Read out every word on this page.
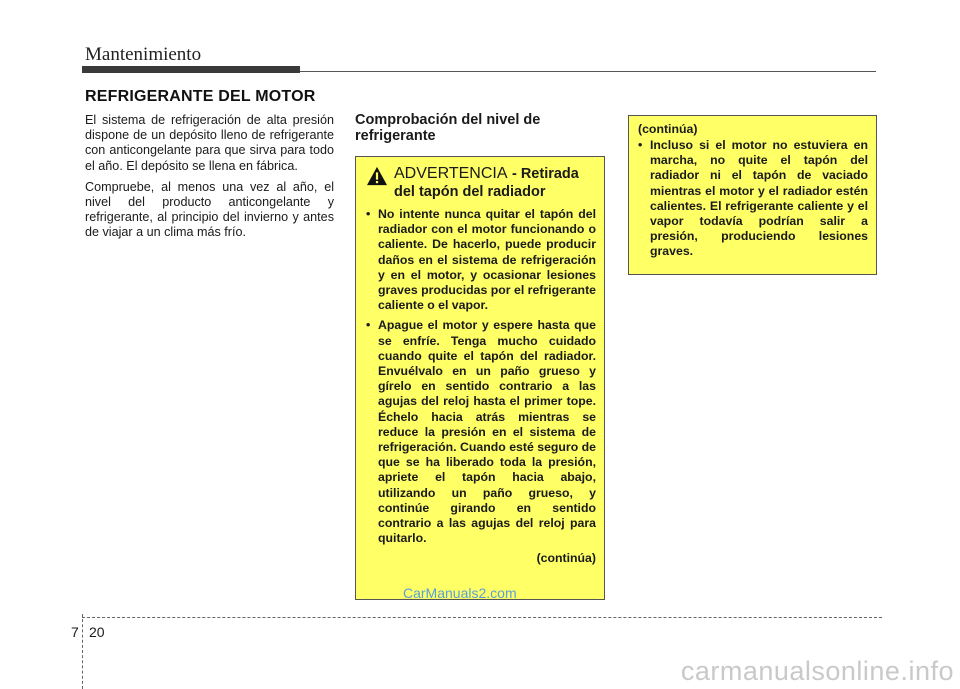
Mantenimiento
REFRIGERANTE DEL MOTOR

El sistema de refrigeración de alta presión dispone de un depósito lleno de refrigerante con anticongelante para que sirva para todo el año. El depósito se llena en fábrica.

Compruebe, al menos una vez al año, el nivel del producto anticongelante y refrigerante, al principio del invierno y antes de viajar a un clima más frío.

Comprobación del nivel de refrigerante
ADVERTENCIA - Retirada del tapón del radiador
• No intente nunca quitar el tapón del radiador con el motor funcionando o caliente. De hacerlo, puede producir daños en el sistema de refrigeración y en el motor, y ocasionar lesiones graves producidas por el refrigerante caliente o el vapor.
• Apague el motor y espere hasta que se enfríe. Tenga mucho cuidado cuando quite el tapón del radiador. Envuélvalo en un paño grueso y gírelo en sentido contrario a las agujas del reloj hasta el primer tope. Échelo hacia atrás mientras se reduce la presión en el sistema de refrigeración. Cuando esté seguro de que se ha liberado toda la presión, apriete el tapón hacia abajo, utilizando un paño grueso, y continúe girando en sentido contrario a las agujas del reloj para quitarlo.
(continúa)
CarManuals2.com
(continúa)
• Incluso si el motor no estuviera en marcha, no quite el tapón del radiador ni el tapón de vaciado mientras el motor y el radiador estén calientes. El refrigerante caliente y el vapor todavía podrían salir a presión, produciendo lesiones graves.
7 20
carmanualsonline.info
